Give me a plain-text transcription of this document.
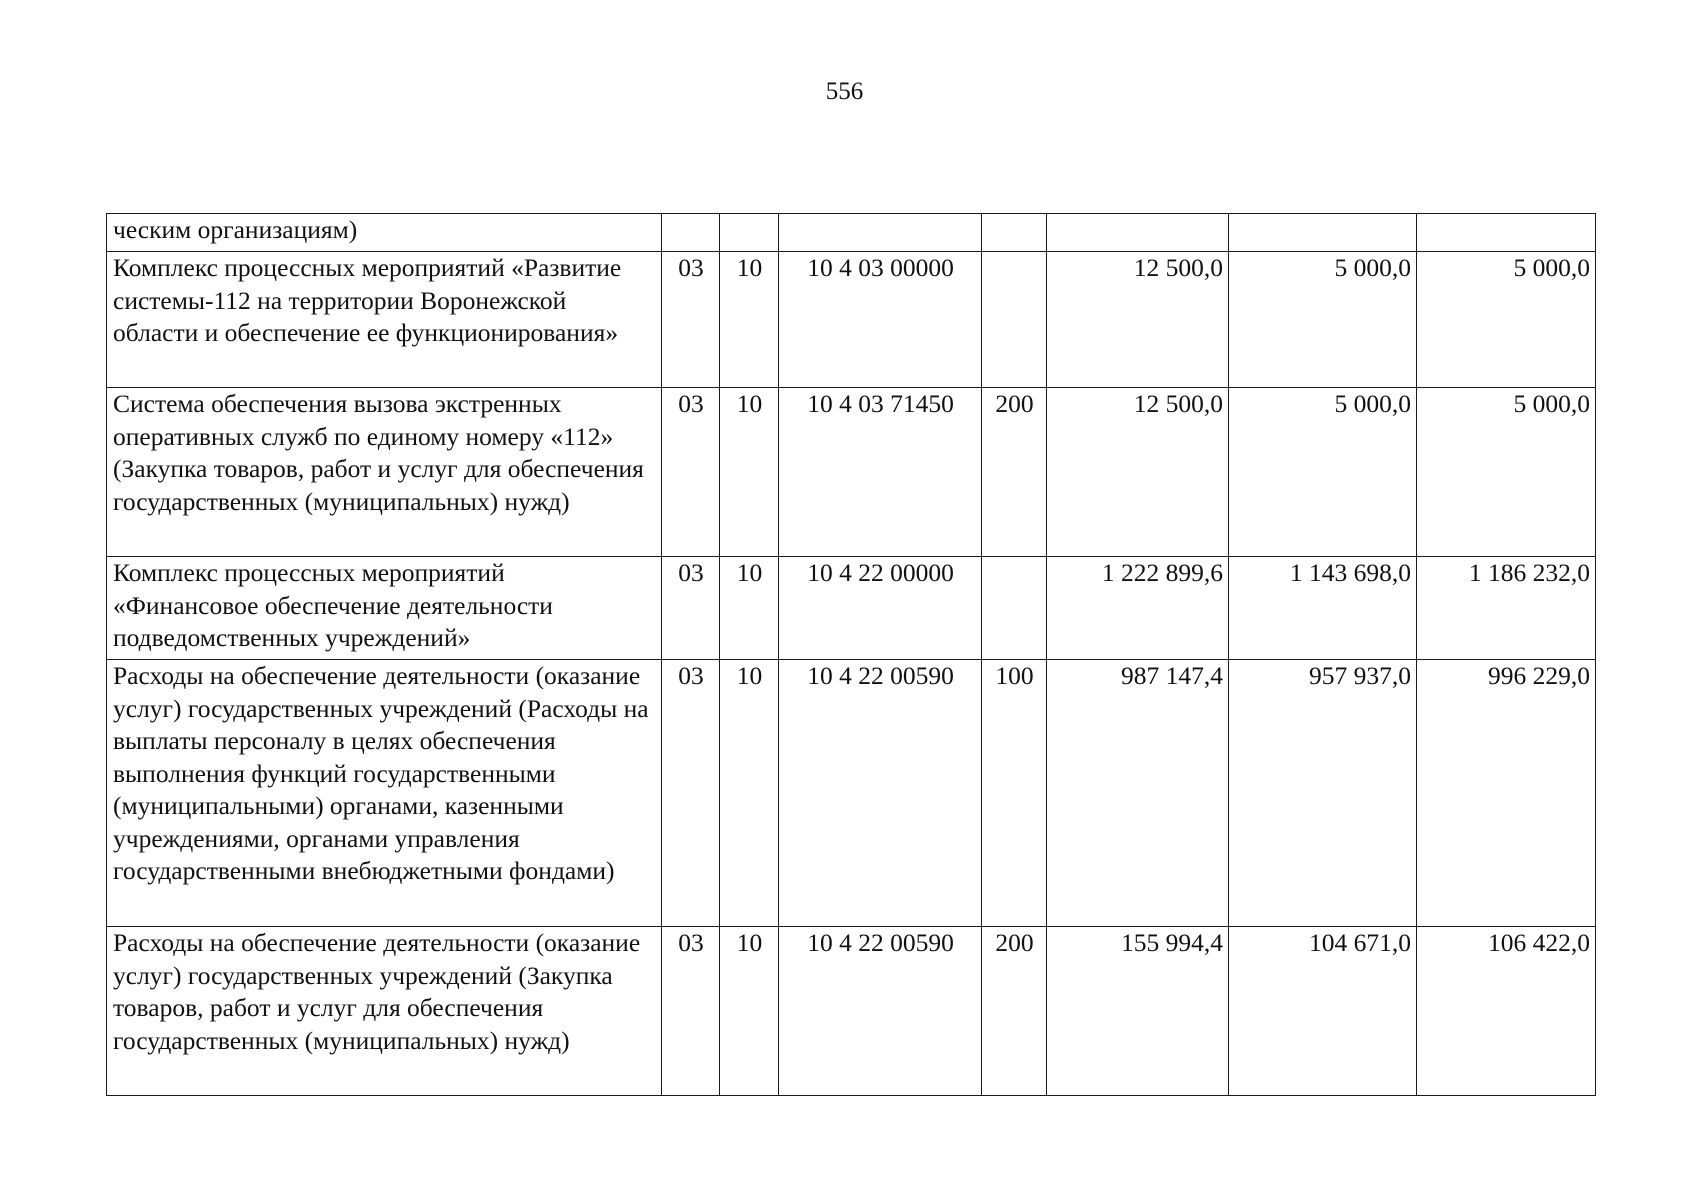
556
ческим организациям)							
Комплекс процессных мероприятий «Развитие системы-112 на территории Воронежской области и обеспечение ее функционирования»	03	10	10 4 03 00000		12 500,0	5 000,0	5 000,0
Система обеспечения вызова экстренных оперативных служб по единому номеру «112» (Закупка товаров, работ и услуг для обеспечения государственных (муниципальных) нужд)	03	10	10 4 03 71450	200	12 500,0	5 000,0	5 000,0
Комплекс процессных мероприятий «Финансовое обеспечение деятельности подведомственных учреждений»	03	10	10 4 22 00000		1 222 899,6	1 143 698,0	1 186 232,0
Расходы на обеспечение деятельности (оказание услуг) государственных учреждений (Расходы на выплаты персоналу в целях обеспечения выполнения функций государственными (муниципальными) органами, казенными учреждениями, органами управления государственными внебюджетными фондами)	03	10	10 4 22 00590	100	987 147,4	957 937,0	996 229,0
Расходы на обеспечение деятельности (оказание услуг) государственных учреждений (Закупка товаров, работ и услуг для обеспечения государственных (муниципальных) нужд)	03	10	10 4 22 00590	200	155 994,4	104 671,0	106 422,0
